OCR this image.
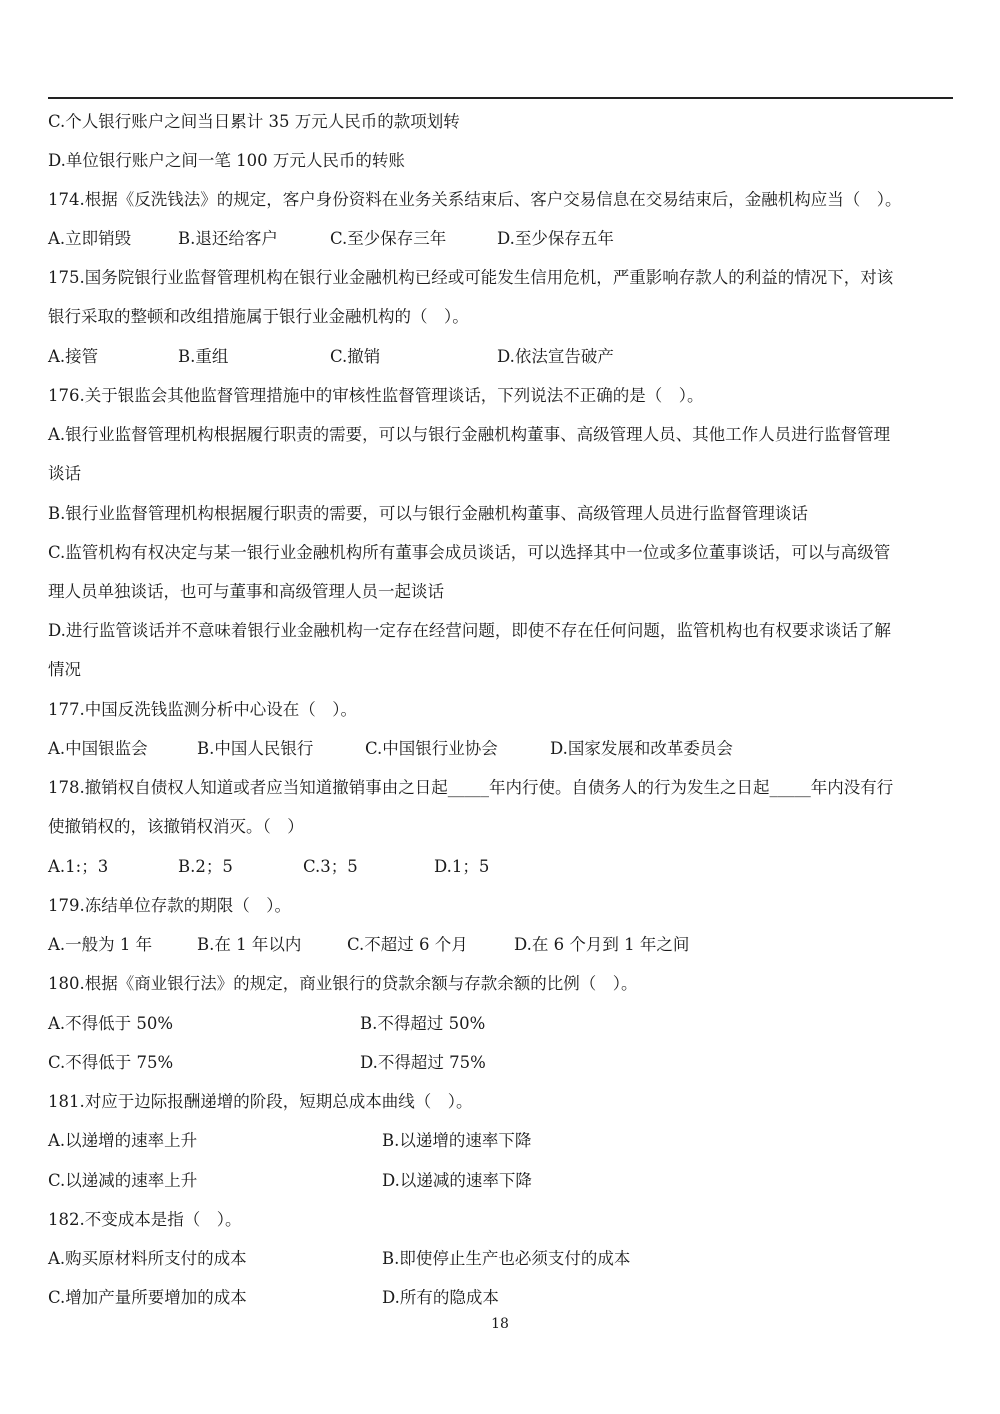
C.个人银行账户之间当日累计 35 万元人民币的款项划转
D.单位银行账户之间一笔 100 万元人民币的转账
174.根据《反洗钱法》的规定，客户身份资料在业务关系结束后、客户交易信息在交易结束后，金融机构应当（　）。
A.立即销毁	B.退还给客户	C.至少保存三年	D.至少保存五年
175.国务院银行业监督管理机构在银行业金融机构已经或可能发生信用危机，严重影响存款人的利益的情况下，对该
银行采取的整顿和改组措施属于银行业金融机构的（　）。
A.接管	B.重组	C.撤销	D.依法宣告破产
176.关于银监会其他监督管理措施中的审核性监督管理谈话，下列说法不正确的是（　）。
A.银行业监督管理机构根据履行职责的需要，可以与银行金融机构董事、高级管理人员、其他工作人员进行监督管理
谈话
B.银行业监督管理机构根据履行职责的需要，可以与银行金融机构董事、高级管理人员进行监督管理谈话
C.监管机构有权决定与某一银行业金融机构所有董事会成员谈话，可以选择其中一位或多位董事谈话，可以与高级管
理人员单独谈话，也可与董事和高级管理人员一起谈话
D.进行监管谈话并不意味着银行业金融机构一定存在经营问题，即使不存在任何问题，监管机构也有权要求谈话了解
情况
177.中国反洗钱监测分析中心设在（　）。
A.中国银监会	B.中国人民银行	C.中国银行业协会	D.国家发展和改革委员会
178.撤销权自债权人知道或者应当知道撤销事由之日起_____年内行使。自债务人的行为发生之日起_____年内没有行
使撤销权的，该撤销权消灭。（　）
A.1:；3	B.2；5	C.3；5	D.1；5
179.冻结单位存款的期限（　）。
A.一般为 1 年	B.在 1 年以内	C.不超过 6 个月	D.在 6 个月到 1 年之间
180.根据《商业银行法》的规定，商业银行的贷款余额与存款余额的比例（　）。
A.不得低于 50%	B.不得超过 50%
C.不得低于 75%	D.不得超过 75%
181.对应于边际报酬递增的阶段，短期总成本曲线（　）。
A.以递增的速率上升	B.以递增的速率下降
C.以递减的速率上升	D.以递减的速率下降
182.不变成本是指（　）。
A.购买原材料所支付的成本	B.即使停止生产也必须支付的成本
C.增加产量所要增加的成本	D.所有的隐成本
18
